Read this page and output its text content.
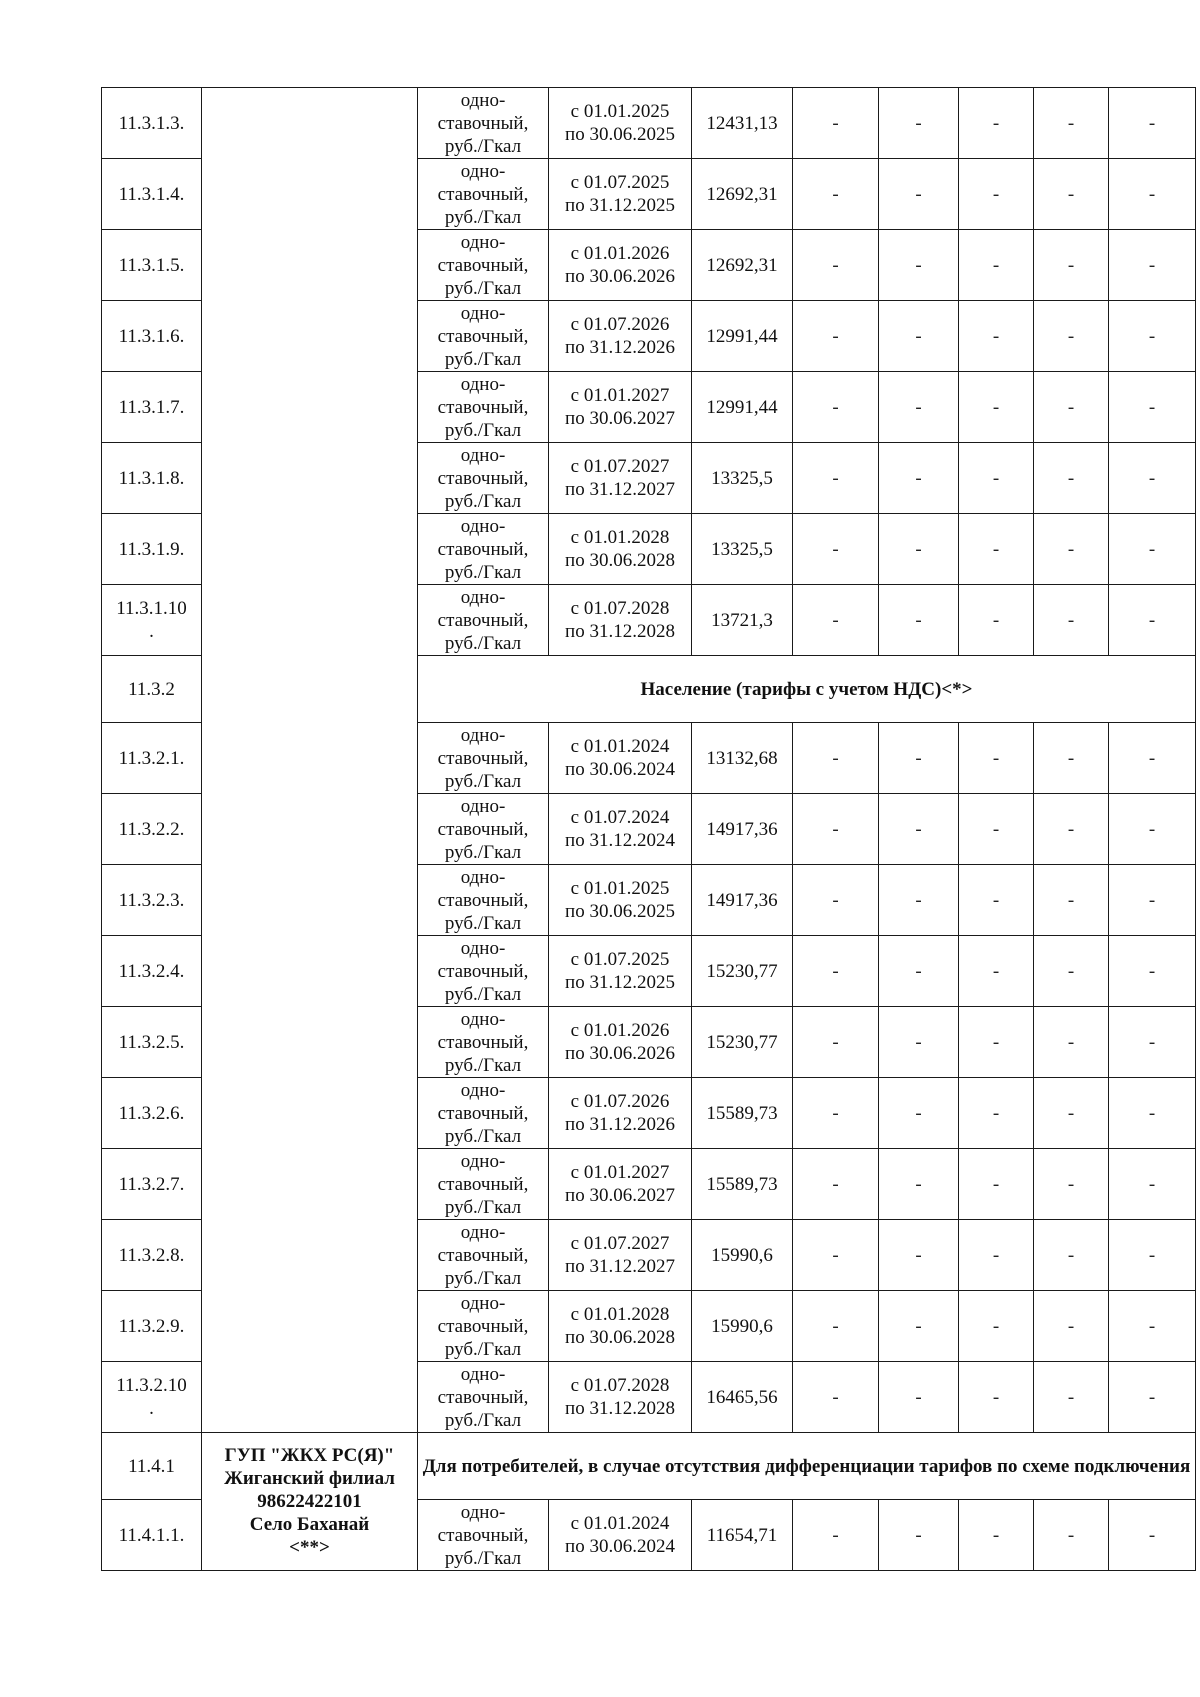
11.3.1.3.		одно-
ставочный,
руб./Гкал	с 01.01.2025
по 30.06.2025	12431,13	-	-	-	-	-
11.3.1.4.		одно-
ставочный,
руб./Гкал	с 01.07.2025
по 31.12.2025	12692,31	-	-	-	-	-
11.3.1.5.		одно-
ставочный,
руб./Гкал	с 01.01.2026
по 30.06.2026	12692,31	-	-	-	-	-
11.3.1.6.		одно-
ставочный,
руб./Гкал	с 01.07.2026
по 31.12.2026	12991,44	-	-	-	-	-
11.3.1.7.		одно-
ставочный,
руб./Гкал	с 01.01.2027
по 30.06.2027	12991,44	-	-	-	-	-
11.3.1.8.		одно-
ставочный,
руб./Гкал	с 01.07.2027
по 31.12.2027	13325,5	-	-	-	-	-
11.3.1.9.		одно-
ставочный,
руб./Гкал	с 01.01.2028
по 30.06.2028	13325,5	-	-	-	-	-
11.3.1.10
.		одно-
ставочный,
руб./Гкал	с 01.07.2028
по 31.12.2028	13721,3	-	-	-	-	-
11.3.2		Население (тарифы с учетом НДС)<*>							
11.3.2.1.		одно-
ставочный,
руб./Гкал	с 01.01.2024
по 30.06.2024	13132,68	-	-	-	-	-
11.3.2.2.		одно-
ставочный,
руб./Гкал	с 01.07.2024
по 31.12.2024	14917,36	-	-	-	-	-
11.3.2.3.		одно-
ставочный,
руб./Гкал	с 01.01.2025
по 30.06.2025	14917,36	-	-	-	-	-
11.3.2.4.		одно-
ставочный,
руб./Гкал	с 01.07.2025
по 31.12.2025	15230,77	-	-	-	-	-
11.3.2.5.		одно-
ставочный,
руб./Гкал	с 01.01.2026
по 30.06.2026	15230,77	-	-	-	-	-
11.3.2.6.		одно-
ставочный,
руб./Гкал	с 01.07.2026
по 31.12.2026	15589,73	-	-	-	-	-
11.3.2.7.		одно-
ставочный,
руб./Гкал	с 01.01.2027
по 30.06.2027	15589,73	-	-	-	-	-
11.3.2.8.		одно-
ставочный,
руб./Гкал	с 01.07.2027
по 31.12.2027	15990,6	-	-	-	-	-
11.3.2.9.		одно-
ставочный,
руб./Гкал	с 01.01.2028
по 30.06.2028	15990,6	-	-	-	-	-
11.3.2.10
.		одно-
ставочный,
руб./Гкал	с 01.07.2028
по 31.12.2028	16465,56	-	-	-	-	-
11.4.1	ГУП "ЖКХ РС(Я)"
Жиганский филиал
98622422101
Село Баханай
<**>	Для потребителей, в случае отсутствия дифференциации тарифов по схеме подключения							
11.4.1.1.		одно-
ставочный,
руб./Гкал	с 01.01.2024
по 30.06.2024	11654,71	-	-	-	-	-
